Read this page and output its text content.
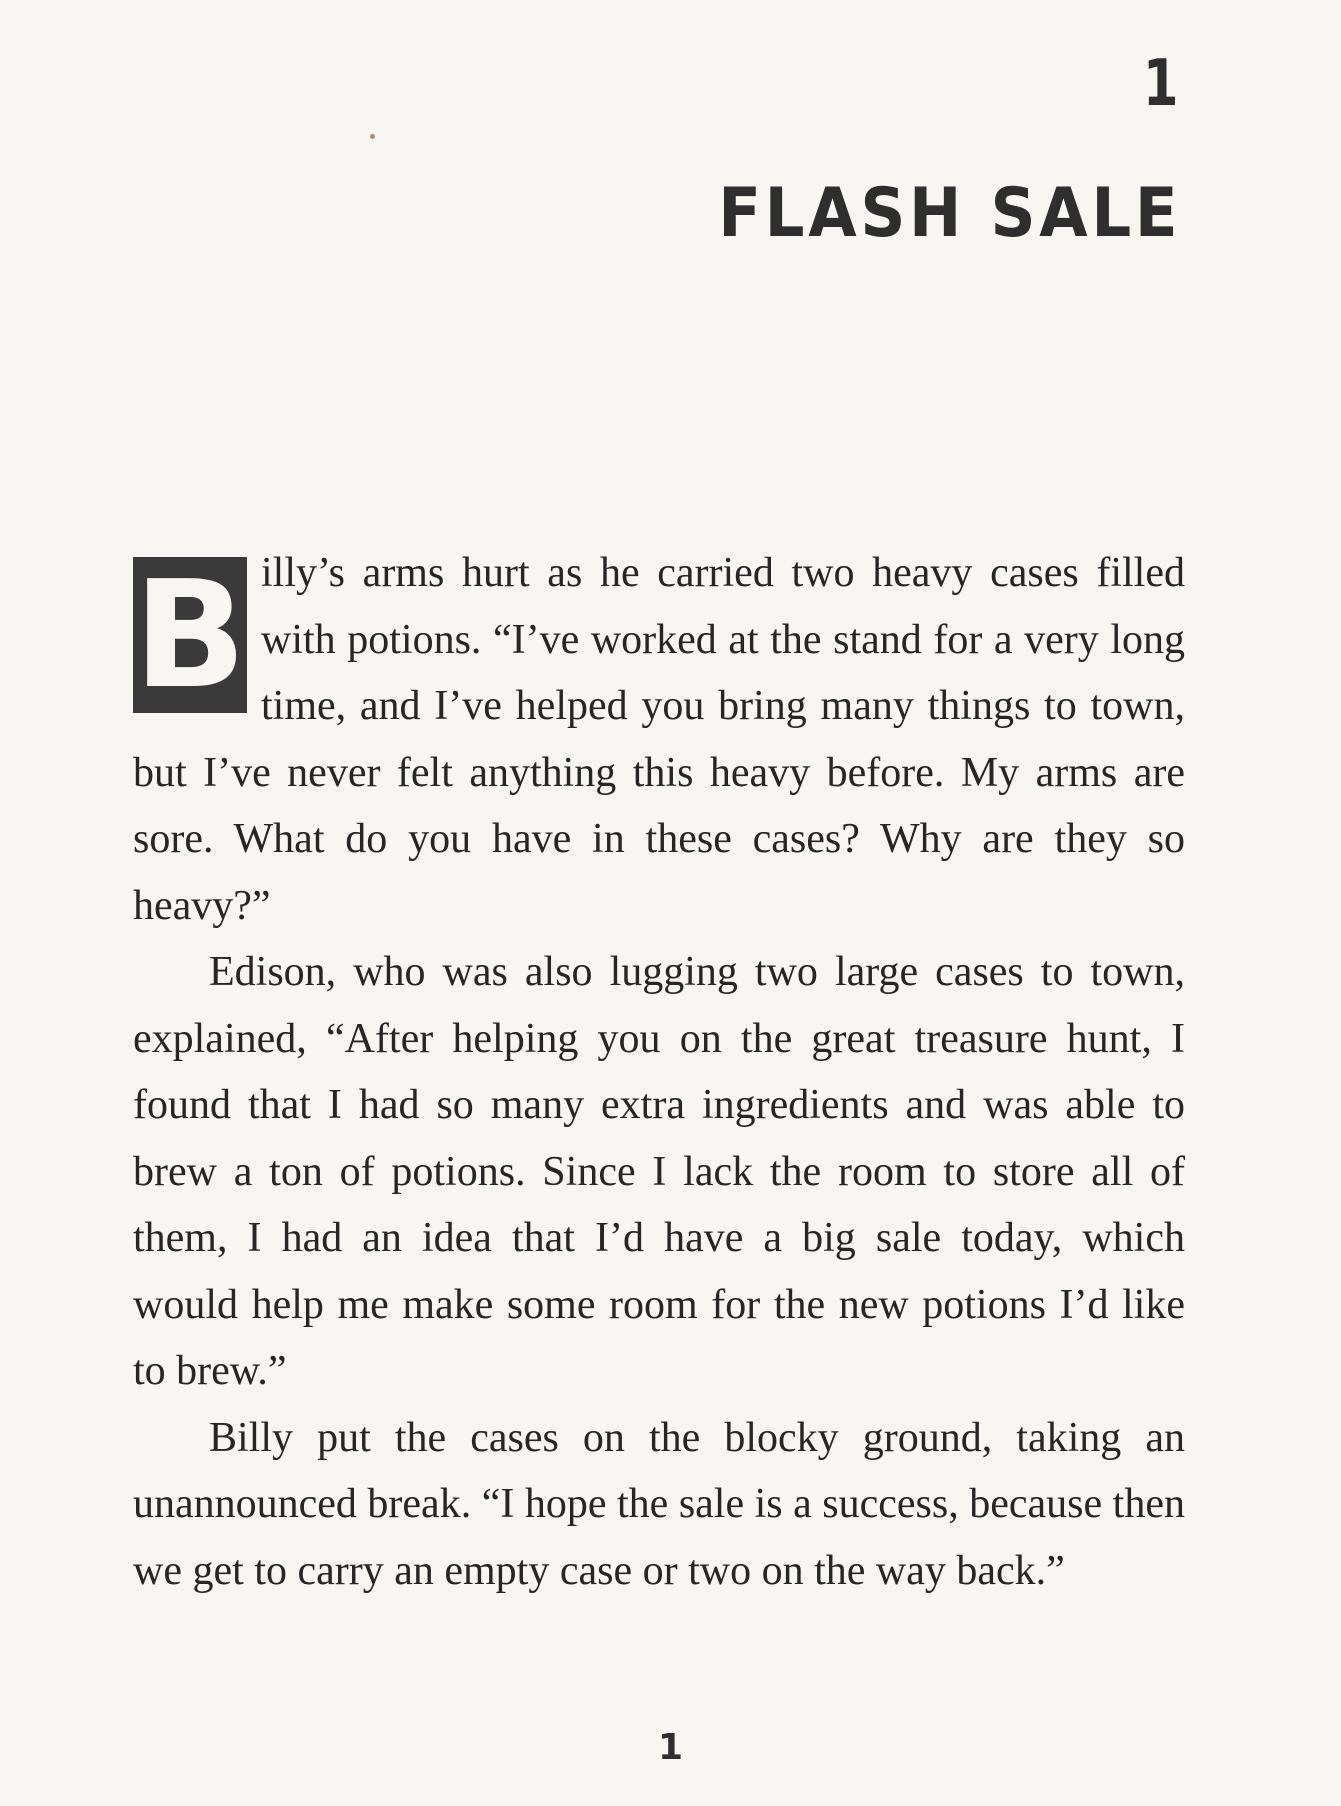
1
FLASH SALE

B illy’s arms hurt as he carried two heavy cases filled with potions. “I’ve worked at the stand for a very long time, and I’ve helped you bring many things to town, but I’ve never felt anything this heavy before. My arms are sore. What do you have in these cases? Why are they so heavy?”

Edison, who was also lugging two large cases to town, explained, “After helping you on the great treasure hunt, I found that I had so many extra ingredients and was able to brew a ton of potions. Since I lack the room to store all of them, I had an idea that I’d have a big sale today, which would help me make some room for the new potions I’d like to brew.”

Billy put the cases on the blocky ground, taking an unannounced break. “I hope the sale is a success, because then we get to carry an empty case or two on the way back.”

1
